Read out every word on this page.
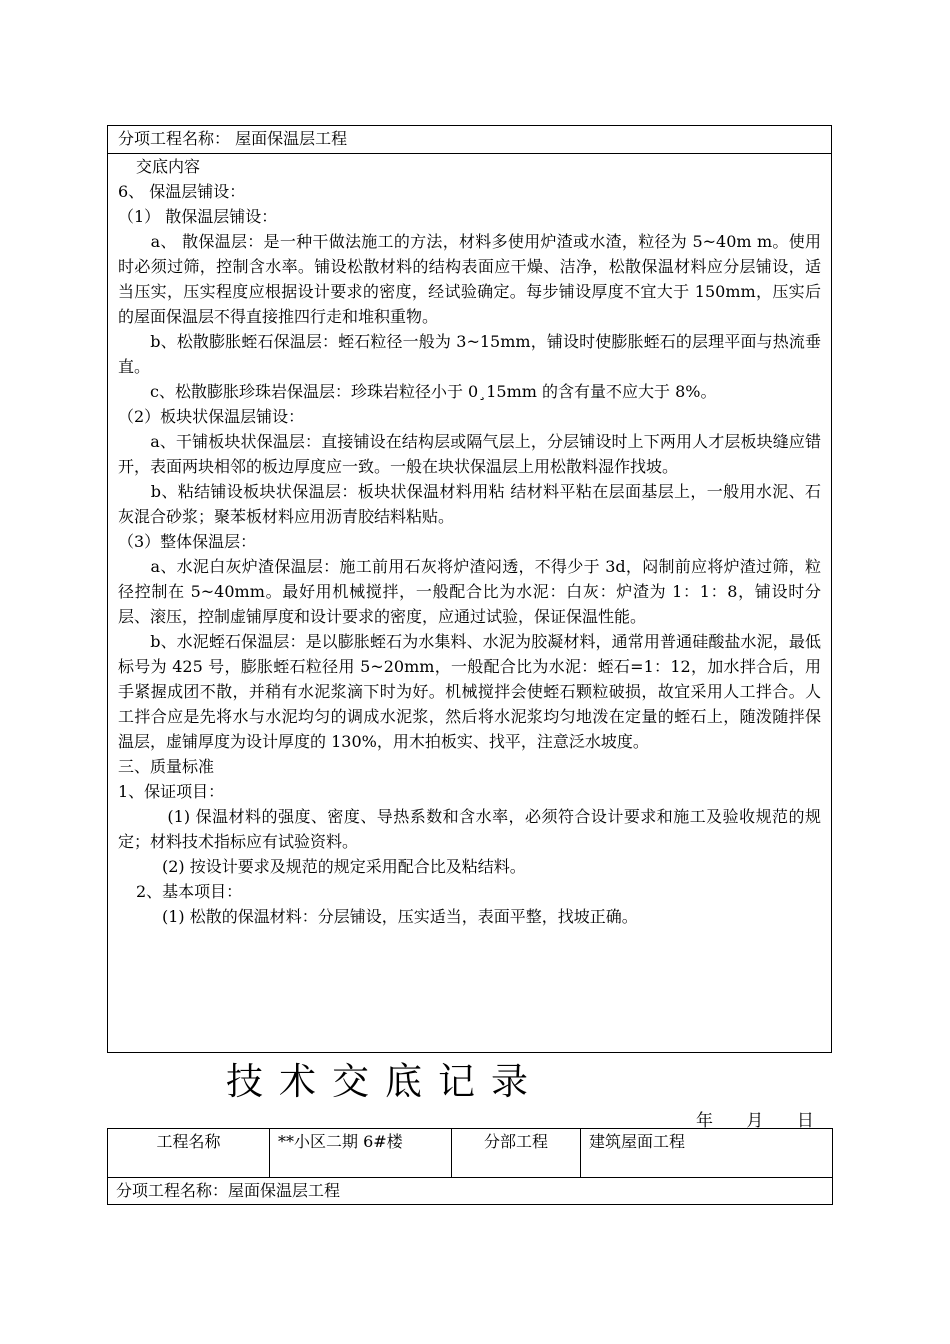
分项工程名称： 屋面保温层工程
交底内容
6、 保温层铺设：
（1） 散保温层铺设：
　　a、 散保温层：是一种干做法施工的方法，材料多使用炉渣或水渣，粒径为 5~40m m。使用时必须过筛，控制含水率。铺设松散材料的结构表面应干燥、洁净，松散保温材料应分层铺设，适当压实，压实程度应根据设计要求的密度，经试验确定。每步铺设厚度不宜大于 150mm，压实后的屋面保温层不得直接推四行走和堆积重物。
　　b、松散膨胀蛭石保温层：蛭石粒径一般为 3~15mm，铺设时使膨胀蛭石的层理平面与热流垂直。
　　c、松散膨胀珍珠岩保温层：珍珠岩粒径小于 0¸15mm 的含有量不应大于 8%。
（2）板块状保温层铺设：
　　a、干铺板块状保温层：直接铺设在结构层或隔气层上，分层铺设时上下两用人才层板块缝应错开，表面两块相邻的板边厚度应一致。一般在块状保温层上用松散料湿作找坡。
　　b、粘结铺设板块状保温层：板块状保温材料用粘 结材料平粘在层面基层上，一般用水泥、石灰混合砂浆；聚苯板材料应用沥青胶结料粘贴。
（3）整体保温层：
　　a、水泥白灰炉渣保温层：施工前用石灰将炉渣闷透，不得少于 3d，闷制前应将炉渣过筛，粒径控制在 5~40mm。最好用机械搅拌，一般配合比为水泥：白灰：炉渣为 1：1：8，铺设时分层、滚压，控制虚铺厚度和设计要求的密度，应通过试验，保证保温性能。
　　b、水泥蛭石保温层：是以膨胀蛭石为水集料、水泥为胶凝材料，通常用普通硅酸盐水泥，最低标号为 425 号，膨胀蛭石粒径用 5~20mm，一般配合比为水泥：蛭石=1：12，加水拌合后，用手紧握成团不散，并稍有水泥浆滴下时为好。机械搅拌会使蛭石颗粒破损，故宜采用人工拌合。人工拌合应是先将水与水泥均匀的调成水泥浆，然后将水泥浆均匀地泼在定量的蛭石上，随泼随拌保温层，虚铺厚度为设计厚度的 130%，用木拍板实、找平，注意泛水坡度。
三、质量标准
1、保证项目：
　　　(1) 保温材料的强度、密度、导热系数和含水率，必须符合设计要求和施工及验收规范的规定；材料技术指标应有试验资料。
(2) 按设计要求及规范的规定采用配合比及粘结料。
2、基本项目：
(1) 松散的保温材料：分层铺设，压实适当，表面平整，找坡正确。
技术交底记录
年 月 日
工程名称	**小区二期 6#楼	分部工程	建筑屋面工程
分项工程名称：屋面保温层工程
